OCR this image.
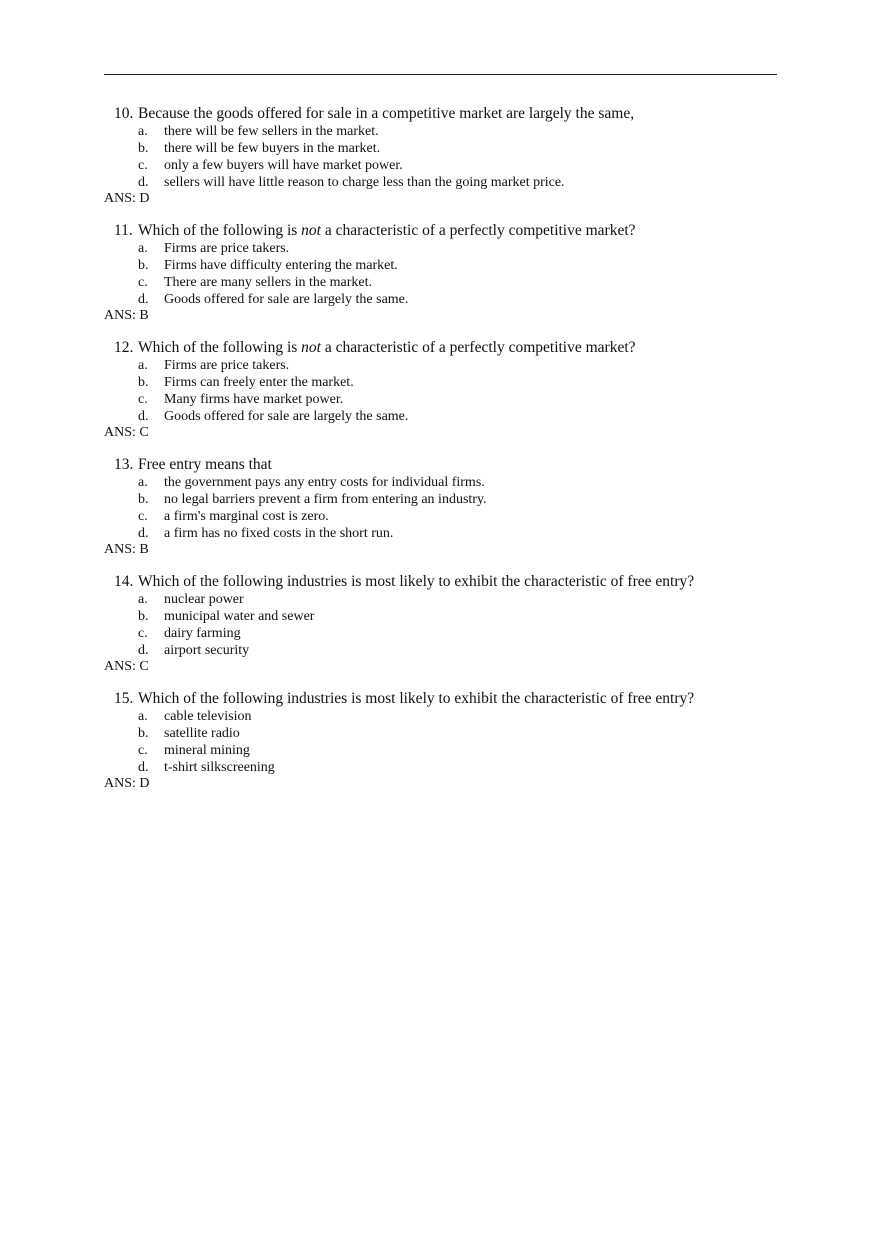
10. Because the goods offered for sale in a competitive market are largely the same,
a. there will be few sellers in the market.
b. there will be few buyers in the market.
c. only a few buyers will have market power.
d. sellers will have little reason to charge less than the going market price.
ANS: D
11. Which of the following is not a characteristic of a perfectly competitive market?
a. Firms are price takers.
b. Firms have difficulty entering the market.
c. There are many sellers in the market.
d. Goods offered for sale are largely the same.
ANS: B
12. Which of the following is not a characteristic of a perfectly competitive market?
a. Firms are price takers.
b. Firms can freely enter the market.
c. Many firms have market power.
d. Goods offered for sale are largely the same.
ANS: C
13. Free entry means that
a. the government pays any entry costs for individual firms.
b. no legal barriers prevent a firm from entering an industry.
c. a firm's marginal cost is zero.
d. a firm has no fixed costs in the short run.
ANS: B
14. Which of the following industries is most likely to exhibit the characteristic of free entry?
a. nuclear power
b. municipal water and sewer
c. dairy farming
d. airport security
ANS: C
15. Which of the following industries is most likely to exhibit the characteristic of free entry?
a. cable television
b. satellite radio
c. mineral mining
d. t-shirt silkscreening
ANS: D
